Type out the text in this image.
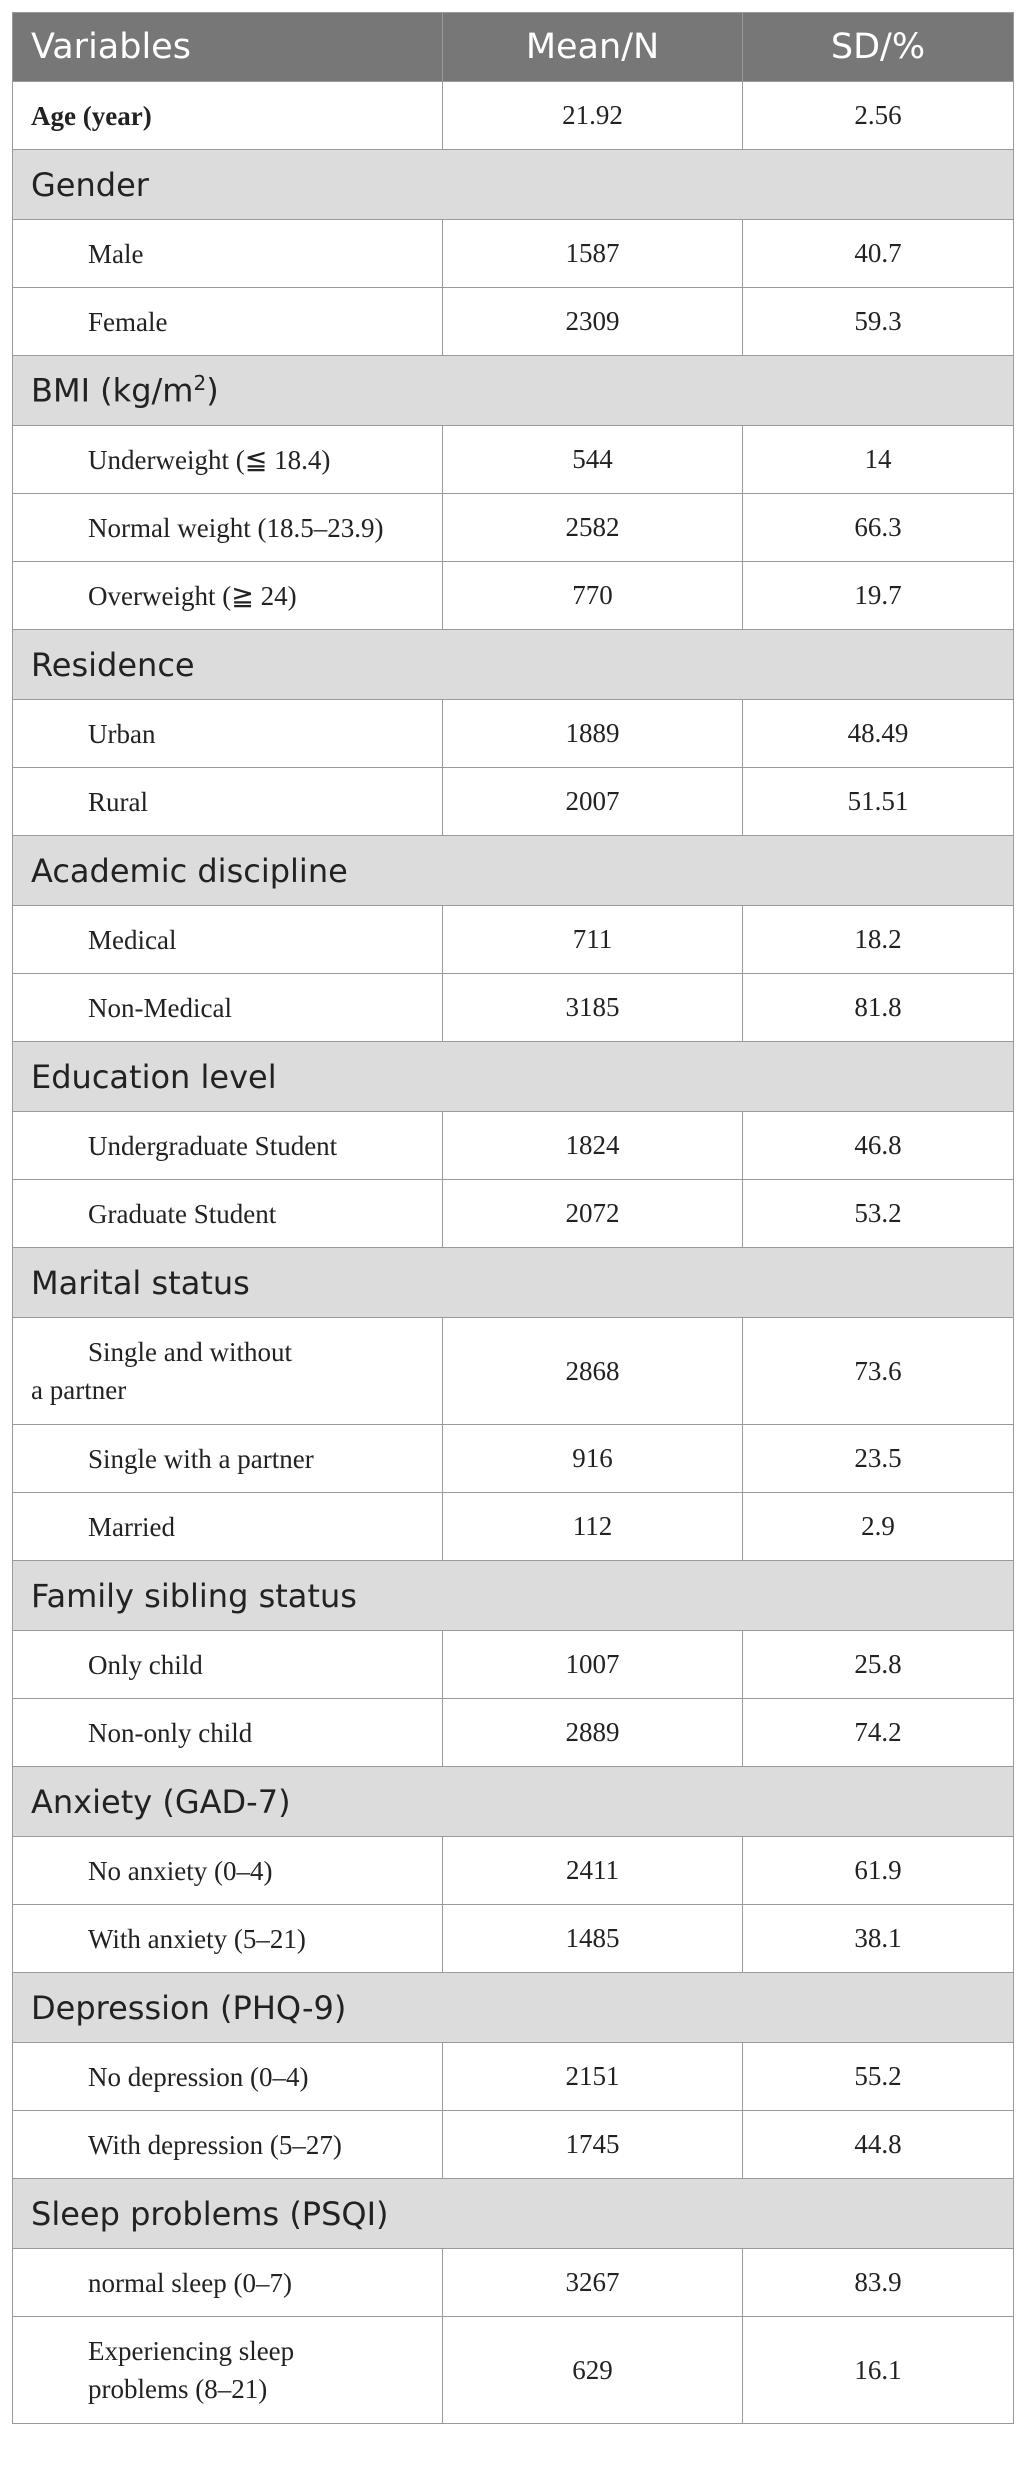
Variables	Mean/N	SD/%
Age (year)	21.92	2.56
Gender		
Male	1587	40.7
Female	2309	59.3
BMI $(kg/m^2)$		
Underweight (≦ 18.4)	544	14
Normal weight (18.5–23.9)	2582	66.3
Overweight (≧ 24)	770	19.7
Residence		
Urban	1889	48.49
Rural	2007	51.51
Academic discipline		
Medical	711	18.2
Non-Medical	3185	81.8
Education level		
Undergraduate Student	1824	46.8
Graduate Student	2072	53.2
Marital status		

Single and without
a partner	2868	73.6
Single with a partner	916	23.5
Married	112	2.9
Family sibling status		
Only child	1007	25.8
Non-only child	2889	74.2
Anxiety (GAD-7)		
No anxiety (0–4)	2411	61.9
With anxiety (5–21)	1485	38.1
Depression (PHQ-9)		
No depression (0–4)	2151	55.2
With depression (5–27)	1745	44.8
Sleep problems (PSQI)		
normal sleep (0–7)	3267	83.9

Experiencing sleep
problems (8–21)	629	16.1
